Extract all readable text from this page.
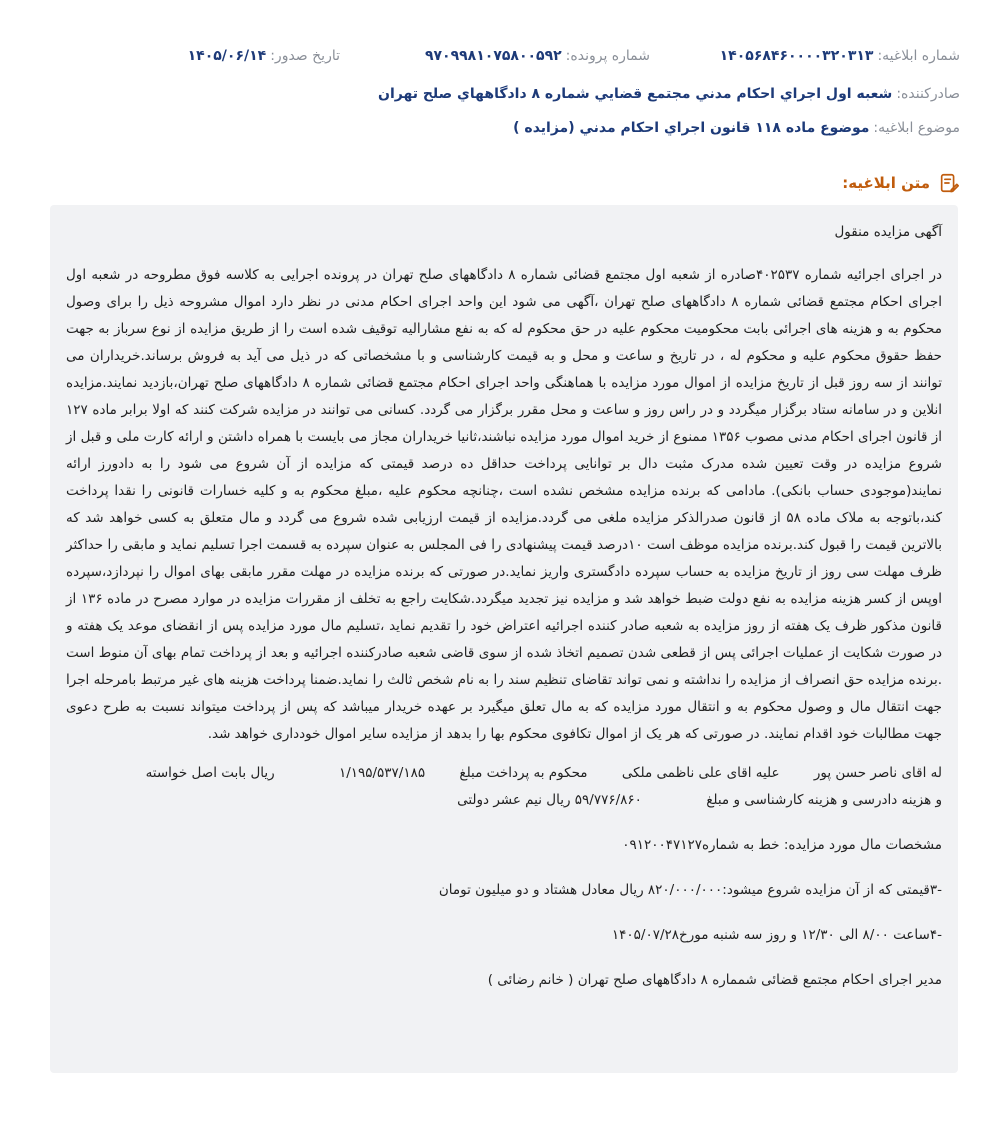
شماره ابلاغیه:۱۴۰۵۶۸۴۶۰۰۰۰۳۲۰۳۱۳
شماره پرونده:۹۷۰۹۹۸۱۰۷۵۸۰۰۵۹۲
تاریخ صدور:۱۴۰۵/۰۶/۱۴
صادرکننده:شعبه اول اجراي احكام مدني مجتمع قضايي شماره ۸ دادگاههاي صلح تهران
موضوع ابلاغیه:موضوع ماده ۱۱۸ قانون اجراي احكام مدني (مزايده )
متن ابلاغیه:

آگهی مزایده منقول

در اجرای اجرائیه شماره ۴۰۲۵۳۷صادره از شعبه اول مجتمع قضائی شماره ۸ دادگاههای صلح تهران در پرونده اجرایی به کلاسه فوق مطروحه در شعبه اول اجرای احکام مجتمع قضائی شماره ۸ دادگاههای صلح تهران ،آگهی می شود این واحد اجرای احکام مدنی در نظر دارد اموال مشروحه ذیل را برای وصول محکوم به و هزینه های اجرائی بابت محکومیت محکوم علیه در حق محکوم له که به نفع مشارالیه توقیف شده است را از طریق مزایده از نوع سرباز به جهت حفظ حقوق محکوم علیه و محکوم له ، در تاریخ و ساعت و محل و به قیمت کارشناسی و با مشخصاتی که در ذیل می آید به فروش برساند.خریداران می توانند از سه روز قبل از تاریخ مزایده از اموال مورد مزایده با هماهنگی واحد اجرای احکام مجتمع قضائی شماره ۸ دادگاههای صلح تهران،بازدید نمایند.مزایده انلاین و در سامانه ستاد برگزار میگردد و در راس روز و ساعت و محل مقرر برگزار می گردد. کسانی می توانند در مزایده شرکت کنند که اولا برابر ماده ۱۲۷ از قانون اجرای احکام مدنی مصوب ۱۳۵۶ ممنوع از خرید اموال مورد مزایده نباشند،ثانیا خریداران مجاز می بایست با همراه داشتن و ارائه کارت ملی و قبل از شروع مزایده در وقت تعیین شده مدرک مثبت دال بر توانایی پرداخت حداقل ده درصد قیمتی که مزایده از آن شروع می شود را به دادورز ارائه نمایند(موجودی حساب بانکی). مادامی که برنده مزایده مشخص نشده است ،چنانچه محکوم علیه ،مبلغ محکوم به و کلیه خسارات قانونی را نقدا پرداخت کند،باتوجه به ملاک ماده ۵۸ از قانون صدرالذکر مزایده ملغی می گردد.مزایده از قیمت ارزیابی شده شروع می گردد و مال متعلق به کسی خواهد شد که بالاترین قیمت را قبول کند.برنده مزایده موظف است ۱۰درصد قیمت پیشنهادی را فی المجلس به عنوان سپرده به قسمت اجرا تسلیم نماید و مابقی را حداکثر ظرف مهلت سی روز از تاریخ مزایده به حساب سپرده دادگستری واریز نماید.در صورتی که برنده مزایده در مهلت مقرر مابقی بهای اموال را نپردازد،سپرده اوپس از کسر هزینه مزایده به نفع دولت ضبط خواهد شد و مزایده نیز تجدید میگردد.شکایت راجع به تخلف از مقررات مزایده در موارد مصرح در ماده ۱۳۶ از قانون مذکور ظرف یک هفته از روز مزایده به شعبه صادر کننده اجرائیه اعتراض خود را تقدیم نماید ،تسلیم مال مورد مزایده پس از انقضای موعد یک هفته و در صورت شکایت از عملیات اجرائی پس از قطعی شدن تصمیم اتخاذ شده از سوی قاضی شعبه صادرکننده اجرائیه و بعد از پرداخت تمام بهای آن منوط است .برنده مزایده حق انصراف از مزایده را نداشته و نمی تواند تقاضای تنظیم سند را به نام شخص ثالث را نماید.ضمنا پرداخت هزینه های غیر مرتبط بامرحله اجرا جهت انتقال مال و وصول محکوم به و انتقال مورد مزایده که به مال تعلق میگیرد بر عهده خریدار میباشد که پس از پرداخت میتواند نسبت به طرح دعوی جهت مطالبات خود اقدام نمایند. در صورتی که هر یک از اموال تکافوی محکوم بها را بدهد از مزایده سایر اموال خودداری خواهد شد.

له اقای ناصر حسن پور علیه اقای علی ناظمی ملکی محکوم به پرداخت مبلغ ۱/۱۹۵/۵۳۷/۱۸۵ ریال بابت اصل خواسته

و هزینه دادرسی و هزینه کارشناسی و مبلغ ۵۹/۷۷۶/۸۶۰ ریال نیم عشر دولتی

مشخصات مال مورد مزایده: خط به شماره۰۹۱۲۰۰۴۷۱۲۷

-۳قیمتی که از آن مزایده شروع میشود:۸۲۰/۰۰۰/۰۰۰ ریال معادل هشتاد و دو میلیون تومان

-۴ساعت ۸/۰۰ الی ۱۲/۳۰ و روز سه شنبه مورخ۱۴۰۵/۰۷/۲۸

مدیر اجرای احکام مجتمع قضائی شمماره ۸ دادگاههای صلح تهران ( خانم رضائی )
